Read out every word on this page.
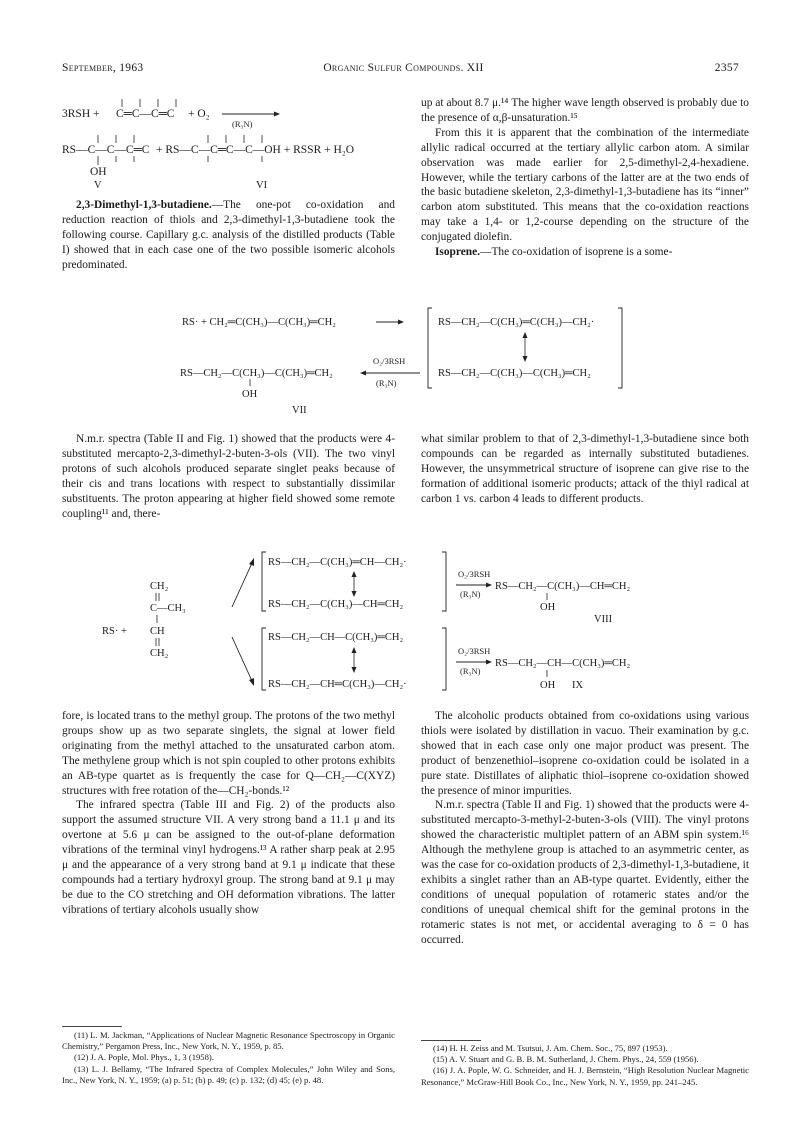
September, 1963	Organic Sulfur Compounds. XII	2357
3RSH + C═C—C═C + O₂
(R₃N)
RS—C—C—C═C + RS—C—C═C—C—OH + RSSR + H₂O
OH
V	VI

2,3-Dimethyl-1,3-butadiene.—The one-pot co-oxidation and reduction reaction of thiols and 2,3-dimethyl-1,3-butadiene took the following course. Capillary g.c. analysis of the distilled products (Table I) showed that in each case one of the two possible isomeric alcohols predominated.

up at about 8.7 μ.¹⁴ The higher wave length observed is probably due to the presence of α,β-unsaturation.¹⁵

From this it is apparent that the combination of the intermediate allylic radical occurred at the tertiary allylic carbon atom. A similar observation was made earlier for 2,5-dimethyl-2,4-hexadiene. However, while the tertiary carbons of the latter are at the two ends of the basic butadiene skeleton, 2,3-dimethyl-1,3-butadiene has its “inner” carbon atom substituted. This means that the co-oxidation reactions may take a 1,4- or 1,2-course depending on the structure of the conjugated diolefin.

Isoprene.—The co-oxidation of isoprene is a some-

RS· + CH₂═C(CH₃)—C(CH₃)═CH₂	RS—CH₂—C(CH₃)═C(CH₃)—CH₂·
RS—CH₂—C(CH₃)—C(CH₃)═CH₂
RS—CH₂—C(CH₃)—C(CH₃)═CH₂
O₂/3RSH
(R₃N)
OH
VII

N.m.r. spectra (Table II and Fig. 1) showed that the products were 4-substituted mercapto-2,3-dimethyl-2-buten-3-ols (VII). The two vinyl protons of such alcohols produced separate singlet peaks because of their cis and trans locations with respect to substantially dissimilar substituents. The proton appearing at higher field showed some remote coupling¹¹ and, there-

what similar problem to that of 2,3-dimethyl-1,3-butadiene since both compounds can be regarded as internally substituted butadienes. However, the unsymmetrical structure of isoprene can give rise to the formation of additional isomeric products; attack of the thiyl radical at carbon 1 vs. carbon 4 leads to different products.

CH₂
C—CH₃
RS· + CH
CH₂
RS—CH₂—C(CH₃)═CH—CH₂·
RS—CH₂—C(CH₃)—CH═CH₂
O₂/3RSH
(R₃N)
RS—CH₂—C(CH₃)—CH═CH₂
OH
VIII
RS—CH₂—CH—C(CH₃)═CH₂
RS—CH₂—CH═C(CH₃)—CH₂·
O₂/3RSH
(R₃N)
RS—CH₂—CH—C(CH₃)═CH₂
OH IX

fore, is located trans to the methyl group. The protons of the two methyl groups show up as two separate singlets, the signal at lower field originating from the methyl attached to the unsaturated carbon atom. The methylene group which is not spin coupled to other protons exhibits an AB-type quartet as is frequently the case for Q—CH₂—C(XYZ) structures with free rotation of the—CH₂-bonds.¹²

The infrared spectra (Table III and Fig. 2) of the products also support the assumed structure VII. A very strong band a 11.1 μ and its overtone at 5.6 μ can be assigned to the out-of-plane deformation vibrations of the terminal vinyl hydrogens.¹³ A rather sharp peak at 2.95 μ and the appearance of a very strong band at 9.1 μ indicate that these compounds had a tertiary hydroxyl group. The strong band at 9.1 μ may be due to the CO stretching and OH deformation vibrations. The latter vibrations of tertiary alcohols usually show

The alcoholic products obtained from co-oxidations using various thiols were isolated by distillation in vacuo. Their examination by g.c. showed that in each case only one major product was present. The product of benzenethiol–isoprene co-oxidation could be isolated in a pure state. Distillates of aliphatic thiol–isoprene co-oxidation showed the presence of minor impurities.

N.m.r. spectra (Table II and Fig. 1) showed that the products were 4-substituted mercapto-3-methyl-2-buten-3-ols (VIII). The vinyl protons showed the characteristic multiplet pattern of an ABM spin system.¹⁶ Although the methylene group is attached to an asymmetric center, as was the case for co-oxidation products of 2,3-dimethyl-1,3-butadiene, it exhibits a singlet rather than an AB-type quartet. Evidently, either the conditions of unequal population of rotameric states and/or the conditions of unequal chemical shift for the geminal protons in the rotameric states is not met, or accidental averaging to δ = 0 has occurred.

(11) L. M. Jackman, “Applications of Nuclear Magnetic Resonance Spectroscopy in Organic Chemistry,” Pergamon Press, Inc., New York, N. Y., 1959, p. 85.

(12) J. A. Pople, Mol. Phys., 1, 3 (1958).

(13) L. J. Bellamy, “The Infrared Spectra of Complex Molecules,” John Wiley and Sons, Inc., New York, N. Y., 1959; (a) p. 51; (b) p. 49; (c) p. 132; (d) 45; (e) p. 48.

(14) H. H. Zeiss and M. Tsutsui, J. Am. Chem. Soc., 75, 897 (1953).

(15) A. V. Stuart and G. B. B. M. Sutherland, J. Chem. Phys., 24, 559 (1956).

(16) J. A. Pople, W. G. Schneider, and H. J. Bernstein, “High Resolution Nuclear Magnetic Resonance,” McGraw-Hill Book Co., Inc., New York, N. Y., 1959, pp. 241–245.
